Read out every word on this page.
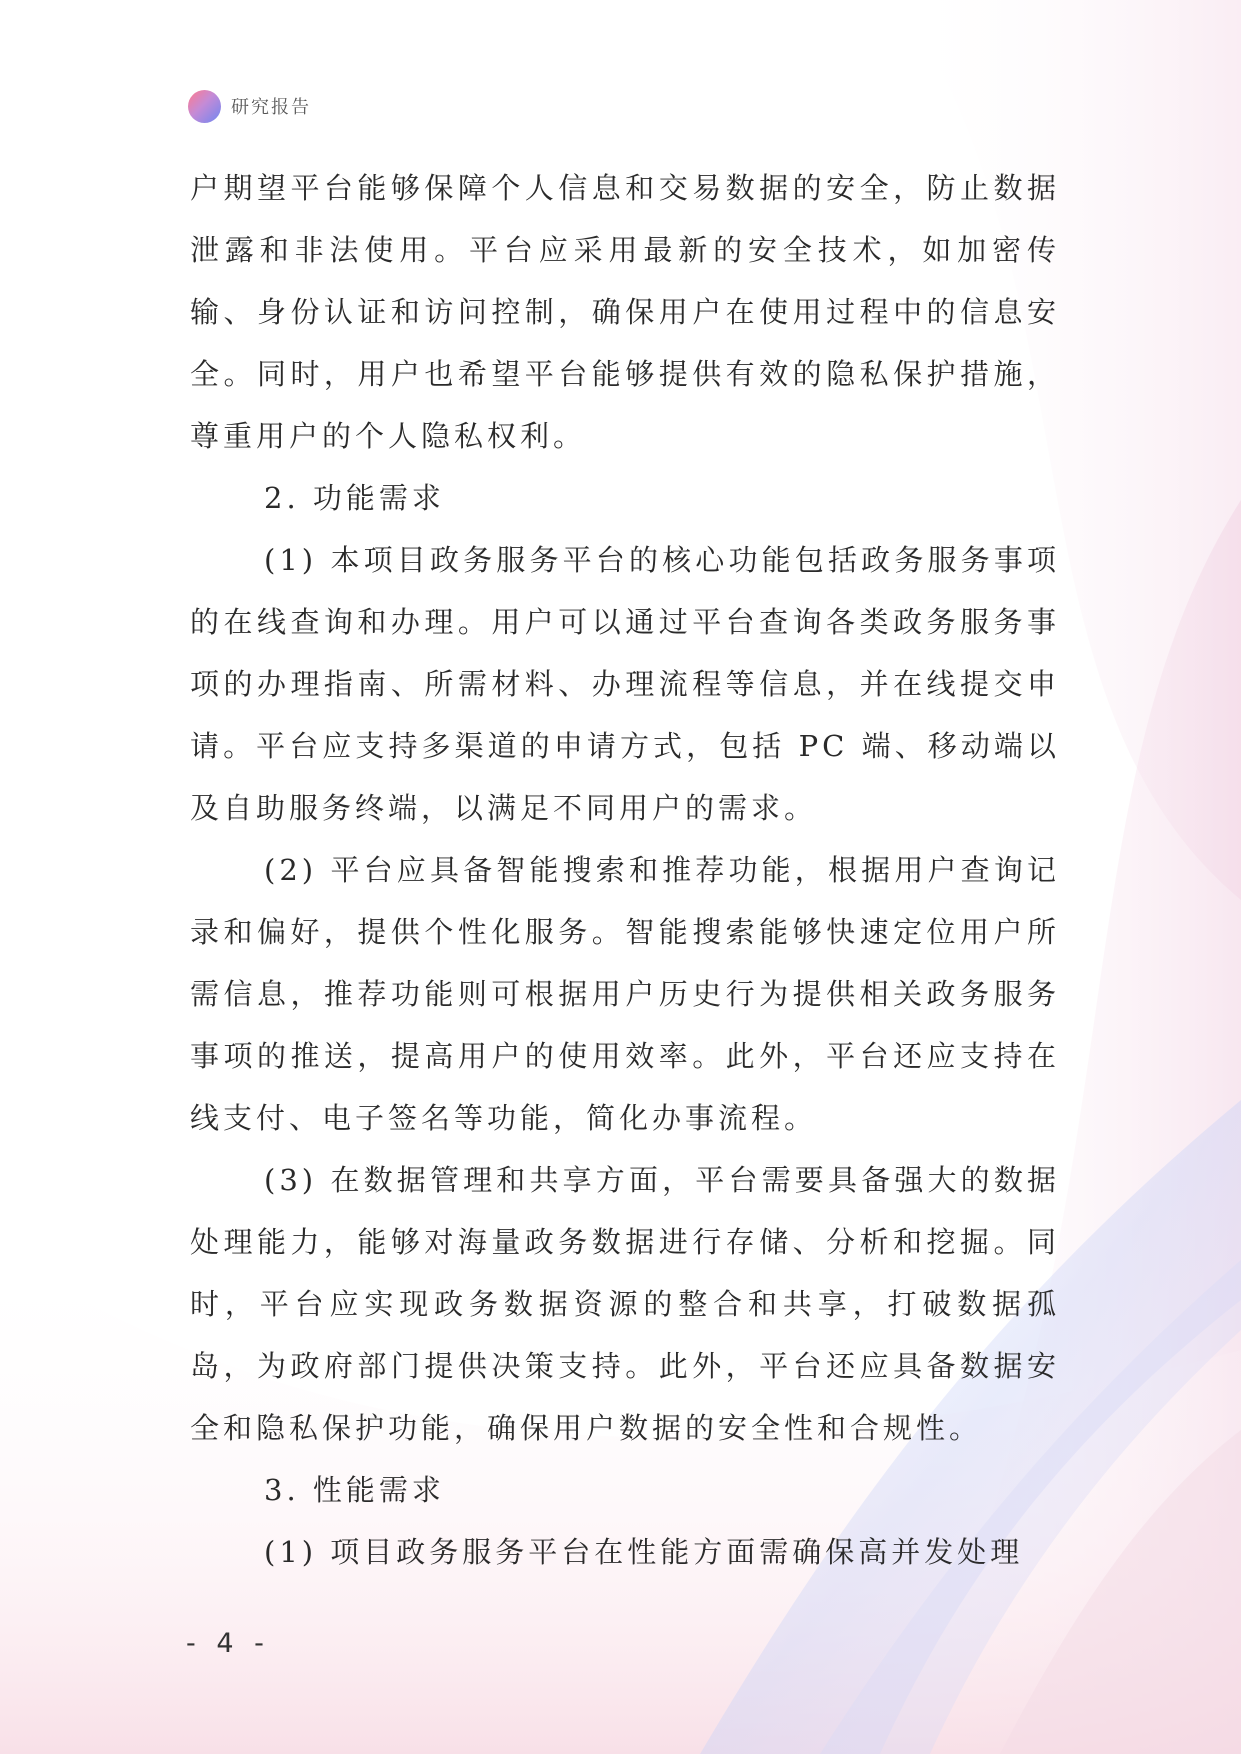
研究报告

户期望平台能够保障个人信息和交易数据的安全，防止数据泄露和非法使用。平台应采用最新的安全技术，如加密传输、身份认证和访问控制，确保用户在使用过程中的信息安全。同时，用户也希望平台能够提供有效的隐私保护措施，尊重用户的个人隐私权利。

2. 功能需求

(1) 本项目政务服务平台的核心功能包括政务服务事项的在线查询和办理。用户可以通过平台查询各类政务服务事项的办理指南、所需材料、办理流程等信息，并在线提交申请。平台应支持多渠道的申请方式，包括 PC 端、移动端以及自助服务终端，以满足不同用户的需求。

(2) 平台应具备智能搜索和推荐功能，根据用户查询记录和偏好，提供个性化服务。智能搜索能够快速定位用户所需信息，推荐功能则可根据用户历史行为提供相关政务服务事项的推送，提高用户的使用效率。此外，平台还应支持在线支付、电子签名等功能，简化办事流程。

(3) 在数据管理和共享方面，平台需要具备强大的数据处理能力，能够对海量政务数据进行存储、分析和挖掘。同时，平台应实现政务数据资源的整合和共享，打破数据孤岛，为政府部门提供决策支持。此外，平台还应具备数据安全和隐私保护功能，确保用户数据的安全性和合规性。

3. 性能需求

(1) 项目政务服务平台在性能方面需确保高并发处理

- 4 -
